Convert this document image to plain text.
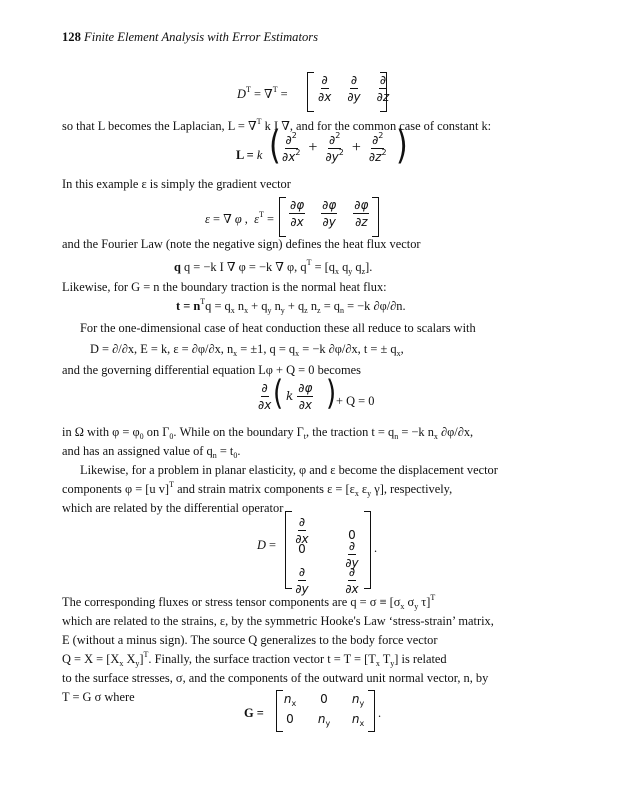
128 Finite Element Analysis with Error Estimators
$D^T = \nabla^T$ =	$\frac{\partial}{\partial x}$
$\frac{\partial}{\partial y}$
$\frac{\partial}{\partial z}$
so that L becomes the Laplacian, L = ∇$^T$ k I ∇, and for the common case of constant k:
L = k ( $\frac{\partial^2}{\partial x^2} + \frac{\partial^2}{\partial y^2} + \frac{\partial^2}{\partial z^2}$ )
In this example ε is simply the gradient vector
ε = ∇ φ ,  $\varepsilon^T = \frac{\partial\varphi}{\partial x}$
$\frac{\partial\varphi}{\partial y}$
$\frac{\partial\varphi}{\partial z}$
and the Fourier Law (note the negative sign) defines the heat flux vector
q q = −k I ∇ φ = −k ∇ φ, $q^T = [q_x$ $q_y$ $q_z$].
Likewise, for G = n the boundary traction is the normal heat flux:
$t = n^Tq = q_x$ $n_x + q_y$ $n_y + q_z$ $n_z = q_n = -k$ ∂φ/∂n.
For the one-dimensional case of heat conduction these all reduce to scalars with
D = ∂/∂x, E = k, ε = ∂φ/∂x, $n_x = \pm 1$, $q = q_x = -k$ ∂φ/∂x, t = ± $q_x$,
and the governing differential equation Lφ + Q = 0 becomes
$\frac{\partial}{\partial x}$ ( k $\frac{\partial\varphi}{\partial x}$ ) + Q = 0
in Ω with $\varphi = \varphi_0$ on $\Gamma_0$. While on the boundary $\Gamma_t$, the traction $t = q_n = -k$ $n_x$ ∂φ/∂x,
and has an assigned value of $q_n = t_0$.
Likewise, for a problem in planar elasticity, φ and ε become the displacement vector
components φ = [u v]$^T$ and strain matrix components $\varepsilon = [\varepsilon_x$ $\varepsilon_y$ γ], respectively,
which are related by the differential operator
$D = \frac{\partial}{\partial x}$	0
0	$\frac{\partial}{\partial y}$
$\frac{\partial}{\partial y}$	$\frac{\partial}{\partial x}$
.
The corresponding fluxes or stress tensor components are $q = \sigma \equiv [\sigma_x$ $\sigma_y$ τ]$^T$
which are related to the strains, ε, by the symmetric Hooke's Law ‘stress-strain’ matrix,
E (without a minus sign). The source Q generalizes to the body force vector
$Q = X = [X_x$ $X_y]^T$. Finally, the surface traction vector $t = T = [T_x$ $T_y$] is related
to the surface stresses, σ, and the components of the outward unit normal vector, n, by
T = G σ where
G =
$n_x$	0	$n_y$
0	$n_y$	$n_x$
.
